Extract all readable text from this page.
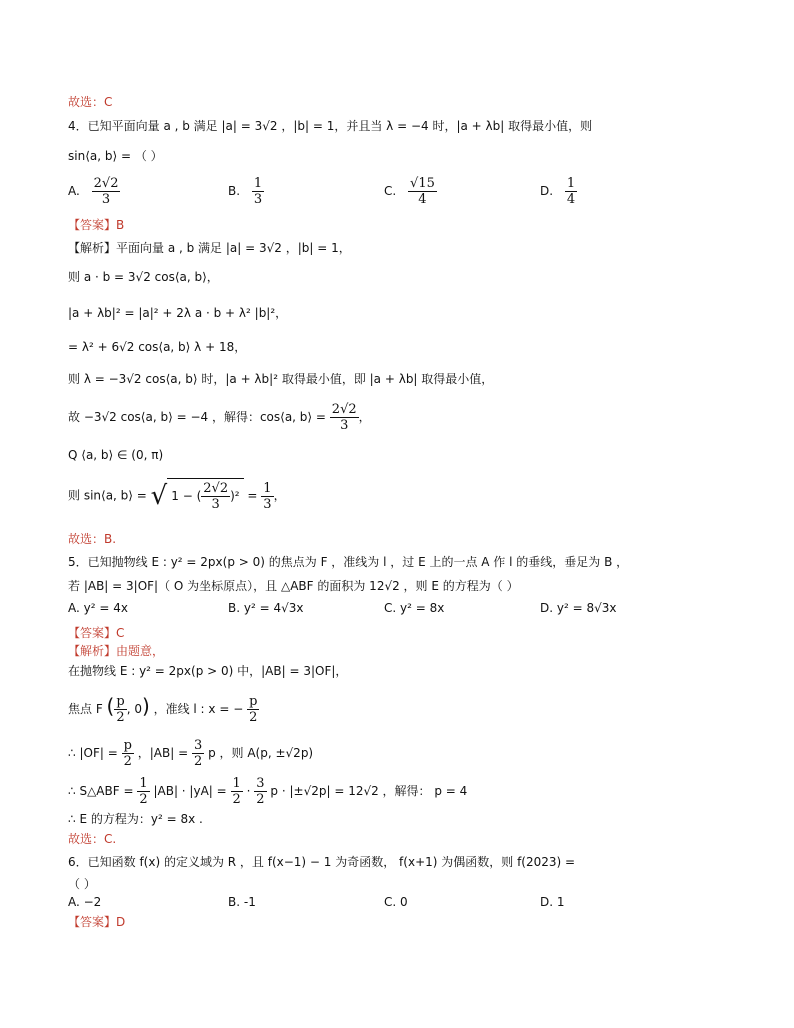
故选：C
4．已知平面向量 a , b 满足 |a| = 3√2 ，|b| = 1，并且当 λ = −4 时，|a + λb| 取得最小值，则
sin⟨a, b⟩ = （ ）
A. $\frac{2√2}{3}$	B. $\frac{1}{3}$	C. $\frac{√15}{4}$	D. $\frac{1}{4}$
【答案】B
【解析】平面向量 a , b 满足 |a| = 3√2 ，|b| = 1，
则 a · b = 3√2 cos⟨a, b⟩，
|a + λb|² = |a|² + 2λ a · b + λ² |b|²，
= λ² + 6√2 cos⟨a, b⟩ λ + 18，
则 λ = −3√2 cos⟨a, b⟩ 时，|a + λb|² 取得最小值，即 |a + λb| 取得最小值，
故 −3√2 cos⟨a, b⟩ = −4 ，解得：cos⟨a, b⟩ = $\frac{2√2}{3}$ ，
Q ⟨a, b⟩ ∈ (0, π)
则 sin⟨a, b⟩ = √ 1 − ( $\frac{2√2}{3} )^2 = \frac{1}{3}$ ，
故选：B.
5．已知抛物线 E : y² = 2px(p > 0) 的焦点为 F ，准线为 l ，过 E 上的一点 A 作 l 的垂线，垂足为 B ，
若 |AB| = 3|OF|（ O 为坐标原点），且 △ABF 的面积为 12√2 ，则 E 的方程为（ ）
A. y² = 4x	B. y² = 4√3x	C. y² = 8x	D. y² = 8√3x
【答案】C
【解析】由题意，
在抛物线 E : y² = 2px(p > 0) 中，|AB| = 3|OF|，
焦点 F ( $\frac{p}{2}$ , 0) ，准线 l : x = − $\frac{p}{2}$
∴ $|OF| = \frac{p}{2}$ ，$|AB| = \frac{3}{2}$ p ，则 A(p, ±√2p)
∴ S△ABF = $\frac{1}{2} |AB| \cdot |yA| = \frac{1}{2} \cdot \frac{3}{2}$ p · |±√2p| = 12√2 ，解得： p = 4
∴ E 的方程为：y² = 8x .
故选：C.
6．已知函数 f(x) 的定义域为 R ，且 f(x−1) − 1 为奇函数， f(x+1) 为偶函数，则 f(2023) =
（ ）
A. −2	B. -1	C. 0	D. 1
【答案】D
